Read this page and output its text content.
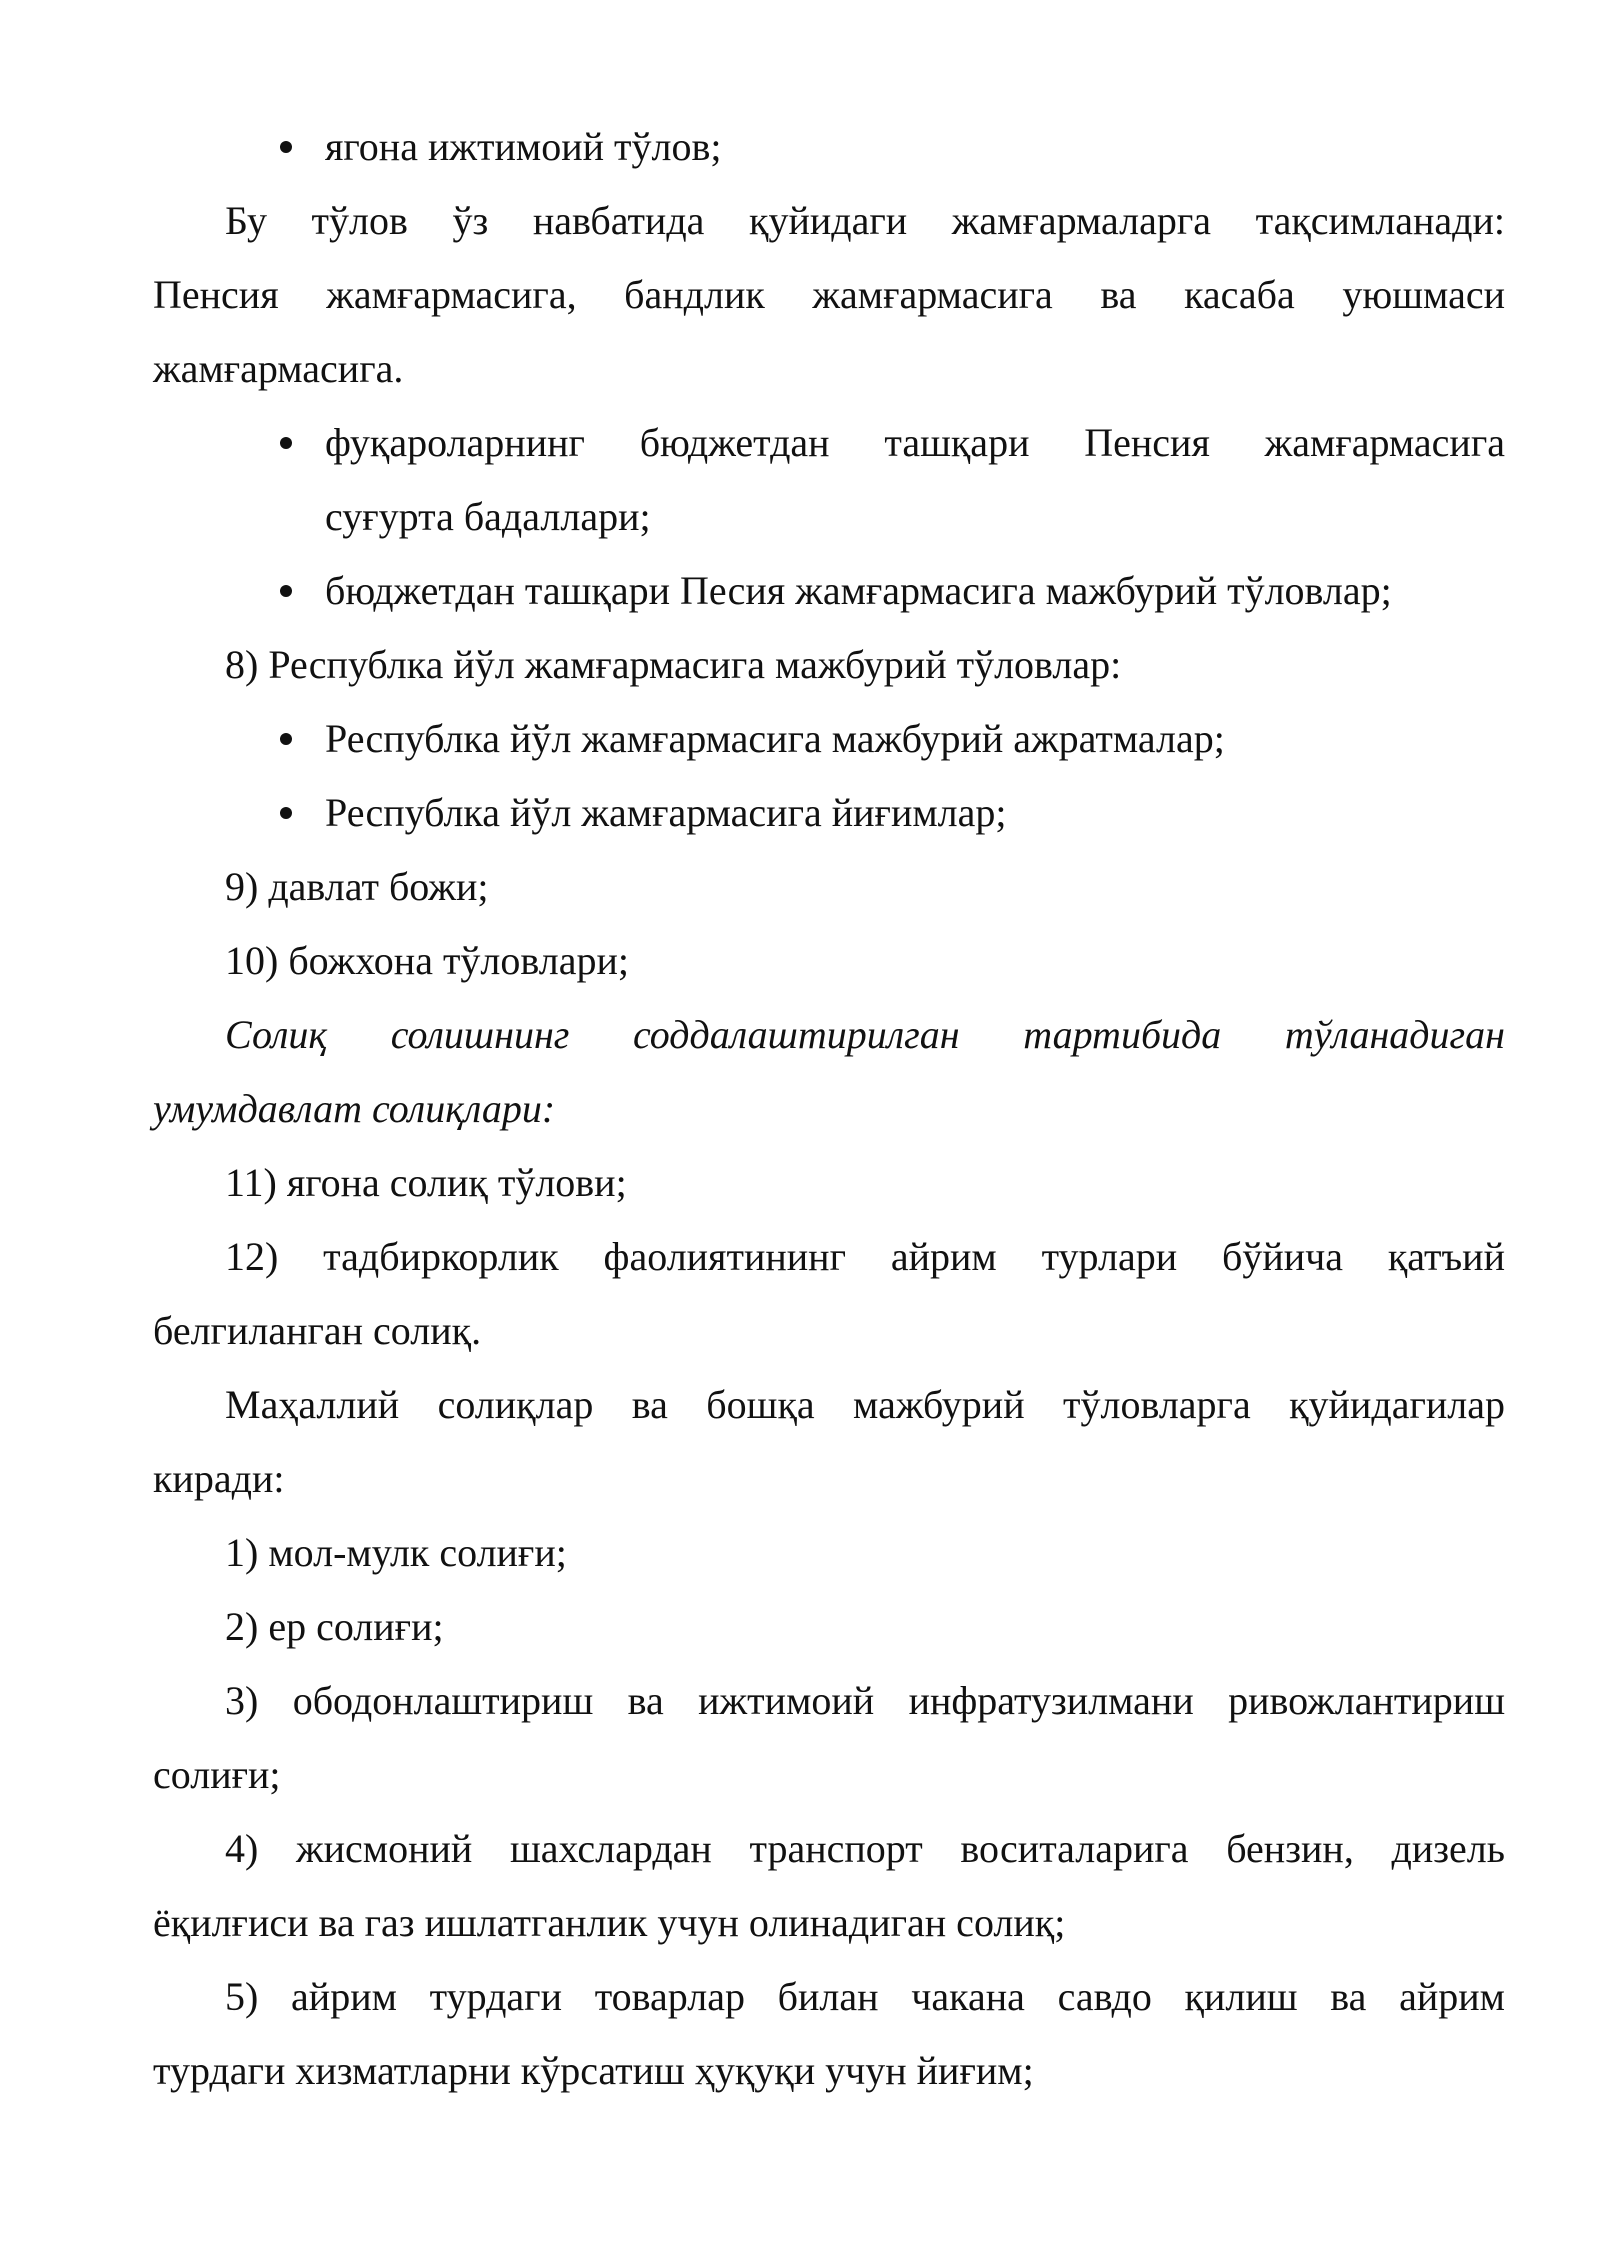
ягона ижтимоий тўлов;
Бу тўлов ўз навбатида қуйидаги жамғармаларга тақсимланади:
Пенсия жамғармасига, бандлик жамғармасига ва касаба уюшмаси
жамғармасига.
фуқароларнинг бюджетдан ташқари Пенсия жамғармасига
суғурта бадаллари;
бюджетдан ташқари Песия жамғармасига мажбурий тўловлар;
8) Республка йўл жамғармасига мажбурий тўловлар:
Республка йўл жамғармасига мажбурий ажратмалар;
Республка йўл жамғармасига йиғимлар;
9) давлат божи;
10) божхона тўловлари;
Солиқ солишнинг соддалаштирилган тартибида тўланадиган
умумдавлат солиқлари:
11) ягона солиқ тўлови;
12) тадбиркорлик фаолиятининг айрим турлари бўйича қатъий
белгиланган солиқ.
Маҳаллий солиқлар ва бошқа мажбурий тўловларга қуйидагилар
киради:
1) мол-мулк солиғи;
2) ер солиғи;
3) ободонлаштириш ва ижтимоий инфратузилмани ривожлантириш
солиғи;
4) жисмоний шахслардан транспорт воситаларига бензин, дизель
ёқилғиси ва газ ишлатганлик учун олинадиган солиқ;
5) айрим турдаги товарлар билан чакана савдо қилиш ва айрим
турдаги хизматларни кўрсатиш ҳуқуқи учун йиғим;
